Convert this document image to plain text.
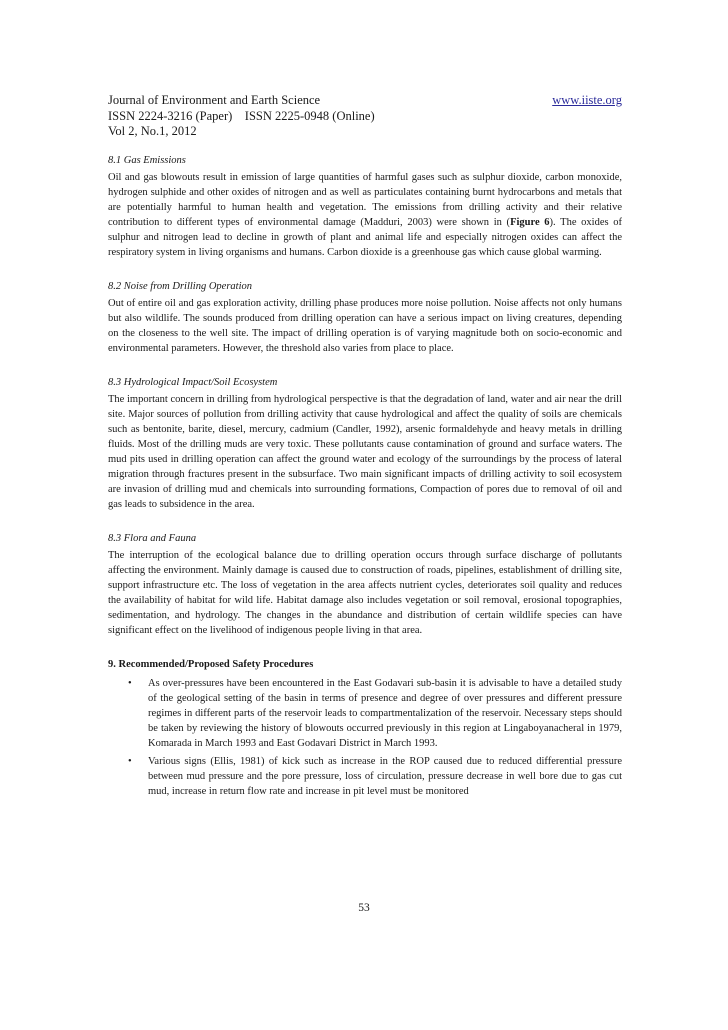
Journal of Environment and Earth Science	www.iiste.org
ISSN 2224-3216 (Paper)    ISSN 2225-0948 (Online)
Vol 2, No.1, 2012

8.1 Gas Emissions

Oil and gas blowouts result in emission of large quantities of harmful gases such as sulphur dioxide, carbon monoxide, hydrogen sulphide and other oxides of nitrogen and as well as particulates containing burnt hydrocarbons and metals that are potentially harmful to human health and vegetation. The emissions from drilling activity and their relative contribution to different types of environmental damage (Madduri, 2003) were shown in (Figure 6). The oxides of sulphur and nitrogen lead to decline in growth of plant and animal life and especially nitrogen oxides can affect the respiratory system in living organisms and humans. Carbon dioxide is a greenhouse gas which cause global warming.

8.2 Noise from Drilling Operation

Out of entire oil and gas exploration activity, drilling phase produces more noise pollution. Noise affects not only humans but also wildlife. The sounds produced from drilling operation can have a serious impact on living creatures, depending on the closeness to the well site. The impact of drilling operation is of varying magnitude both on socio-economic and environmental parameters. However, the threshold also varies from place to place.

8.3 Hydrological Impact/Soil Ecosystem

The important concern in drilling from hydrological perspective is that the degradation of land, water and air near the drill site. Major sources of pollution from drilling activity that cause hydrological and affect the quality of soils are chemicals such as bentonite, barite, diesel, mercury, cadmium (Candler, 1992), arsenic formaldehyde and heavy metals in drilling fluids. Most of the drilling muds are very toxic. These pollutants cause contamination of ground and surface waters. The mud pits used in drilling operation can affect the ground water and ecology of the surroundings by the process of lateral migration through fractures present in the subsurface. Two main significant impacts of drilling activity to soil ecosystem are invasion of drilling mud and chemicals into surrounding formations, Compaction of pores due to removal of oil and gas leads to subsidence in the area.

8.3 Flora and Fauna

The interruption of the ecological balance due to drilling operation occurs through surface discharge of pollutants affecting the environment. Mainly damage is caused due to construction of roads, pipelines, establishment of drilling site, support infrastructure etc. The loss of vegetation in the area affects nutrient cycles, deteriorates soil quality and reduces the availability of habitat for wild life. Habitat damage also includes vegetation or soil removal, erosional topographies, sedimentation, and hydrology. The changes in the abundance and distribution of certain wildlife species can have significant effect on the livelihood of indigenous people living in that area.

9. Recommended/Proposed Safety Procedures

• As over-pressures have been encountered in the East Godavari sub-basin it is advisable to have a detailed study of the geological setting of the basin in terms of presence and degree of over pressures and different pressure regimes in different parts of the reservoir leads to compartmentalization of the reservoir. Necessary steps should be taken by reviewing the history of blowouts occurred previously in this region at Lingaboyanacheral in 1979, Komarada in March 1993 and East Godavari District in March 1993.
• Various signs (Ellis, 1981) of kick such as increase in the ROP caused due to reduced differential pressure between mud pressure and the pore pressure, loss of circulation, pressure decrease in well bore due to gas cut mud, increase in return flow rate and increase in pit level must be monitored
53
